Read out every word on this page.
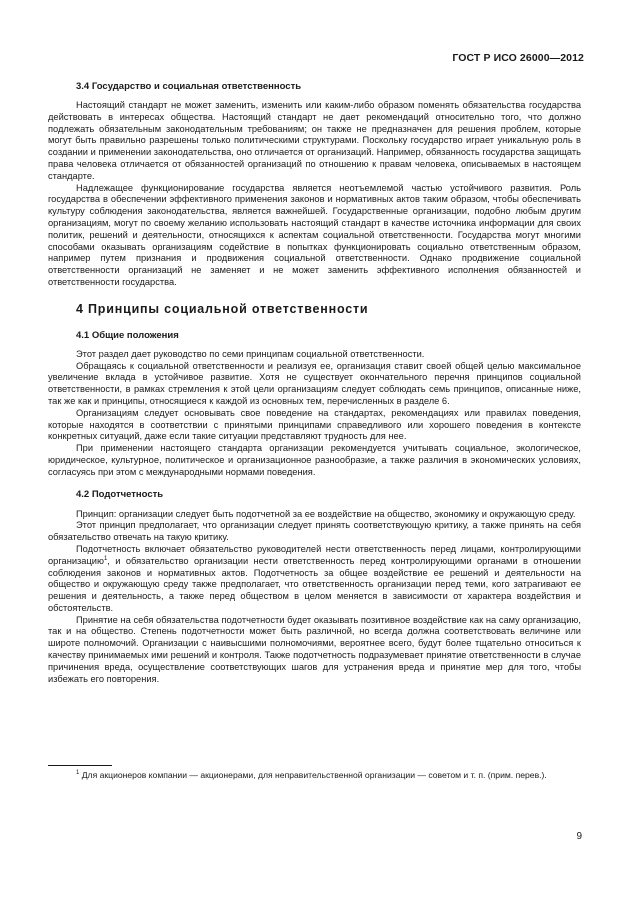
ГОСТ Р ИСО 26000—2012
3.4 Государство и социальная ответственность

Настоящий стандарт не может заменить, изменить или каким-либо образом поменять обязательства государства действовать в интересах общества. Настоящий стандарт не дает рекомендаций относительно того, что должно подлежать обязательным законодательным требованиям; он также не предназначен для решения проблем, которые могут быть правильно разрешены только политическими структурами. Поскольку государство играет уникальную роль в создании и применении законодательства, оно отличается от организаций. Например, обязанность государства защищать права человека отличается от обязанностей организаций по отношению к правам человека, описываемых в настоящем стандарте.

Надлежащее функционирование государства является неотъемлемой частью устойчивого развития. Роль государства в обеспечении эффективного применения законов и нормативных актов таким образом, чтобы обеспечивать культуру соблюдения законодательства, является важнейшей. Государственные организации, подобно любым другим организациям, могут по своему желанию использовать настоящий стандарт в качестве источника информации для своих политик, решений и деятельности, относящихся к аспектам социальной ответственности. Государства могут многими способами оказывать организациям содействие в попытках функционировать социально ответственным образом, например путем признания и продвижения социальной ответственности. Однако продвижение социальной ответственности организаций не заменяет и не может заменить эффективного исполнения обязанностей и ответственности государства.

4 Принципы социальной ответственности
4.1 Общие положения

Этот раздел дает руководство по семи принципам социальной ответственности.

Обращаясь к социальной ответственности и реализуя ее, организация ставит своей общей целью максимальное увеличение вклада в устойчивое развитие. Хотя не существует окончательного перечня принципов социальной ответственности, в рамках стремления к этой цели организациям следует соблюдать семь принципов, описанные ниже, так же как и принципы, относящиеся к каждой из основных тем, перечисленных в разделе 6.

Организациям следует основывать свое поведение на стандартах, рекомендациях или правилах поведения, которые находятся в соответствии с принятыми принципами справедливого или хорошего поведения в контексте конкретных ситуаций, даже если такие ситуации представляют трудность для нее.

При применении настоящего стандарта организации рекомендуется учитывать социальное, экологическое, юридическое, культурное, политическое и организационное разнообразие, а также различия в экономических условиях, согласуясь при этом с международными нормами поведения.

4.2 Подотчетность

Принцип: организации следует быть подотчетной за ее воздействие на общество, экономику и окружающую среду.

Этот принцип предполагает, что организации следует принять соответствующую критику, а также принять на себя обязательство отвечать на такую критику.

Подотчетность включает обязательство руководителей нести ответственность перед лицами, контролирующими организацию$^1$, и обязательство организации нести ответственность перед контролирующими органами в отношении соблюдения законов и нормативных актов. Подотчетность за общее воздействие ее решений и деятельности на общество и окружающую среду также предполагает, что ответственность организации перед теми, кого затрагивают ее решения и деятельность, а также перед обществом в целом меняется в зависимости от характера воздействия и обстоятельств.

Принятие на себя обязательства подотчетности будет оказывать позитивное воздействие как на саму организацию, так и на общество. Степень подотчетности может быть различной, но всегда должна соответствовать величине или широте полномочий. Организации с наивысшими полномочиями, вероятнее всего, будут более тщательно относиться к качеству принимаемых ими решений и контроля. Также подотчетность подразумевает принятие ответственности в случае причинения вреда, осуществление соответствующих шагов для устранения вреда и принятие мер для того, чтобы избежать его повторения.

$^1$ Для акционеров компании — акционерами, для неправительственной организации — советом и т. п. (прим. перев.).
9
